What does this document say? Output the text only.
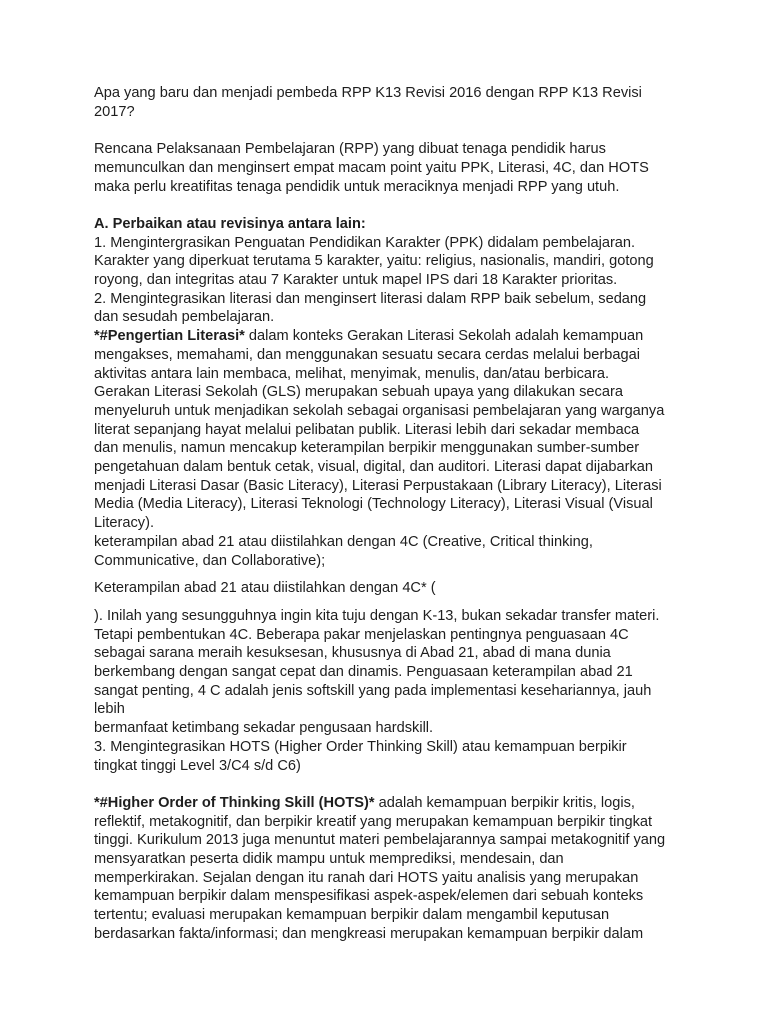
Apa yang baru dan menjadi pembeda RPP K13 Revisi 2016 dengan RPP K13 Revisi
2017?

Rencana Pelaksanaan Pembelajaran (RPP) yang dibuat tenaga pendidik harus
memunculkan dan menginsert empat macam point yaitu PPK, Literasi, 4C, dan HOTS
maka perlu kreatifitas tenaga pendidik untuk meraciknya menjadi RPP yang utuh.

A. Perbaikan atau revisinya antara lain:

1. Mengintergrasikan Penguatan Pendidikan Karakter (PPK) didalam pembelajaran.
Karakter yang diperkuat terutama 5 karakter, yaitu: religius, nasionalis, mandiri, gotong
royong, dan integritas atau 7 Karakter untuk mapel IPS dari 18 Karakter prioritas.

2. Mengintegrasikan literasi dan menginsert literasi dalam RPP baik sebelum, sedang
dan sesudah pembelajaran.

*#Pengertian Literasi* dalam konteks Gerakan Literasi Sekolah adalah kemampuan
mengakses, memahami, dan menggunakan sesuatu secara cerdas melalui berbagai
aktivitas antara lain membaca, melihat, menyimak, menulis, dan/atau berbicara.
Gerakan Literasi Sekolah (GLS) merupakan sebuah upaya yang dilakukan secara
menyeluruh untuk menjadikan sekolah sebagai organisasi pembelajaran yang warganya
literat sepanjang hayat melalui pelibatan publik. Literasi lebih dari sekadar membaca
dan menulis, namun mencakup keterampilan berpikir menggunakan sumber-sumber
pengetahuan dalam bentuk cetak, visual, digital, dan auditori. Literasi dapat dijabarkan
menjadi Literasi Dasar (Basic Literacy), Literasi Perpustakaan (Library Literacy), Literasi
Media (Media Literacy), Literasi Teknologi (Technology Literacy), Literasi Visual (Visual
Literacy).
keterampilan abad 21 atau diistilahkan dengan 4C (Creative, Critical thinking,
Communicative, dan Collaborative);

Keterampilan abad 21 atau diistilahkan dengan 4C* (

). Inilah yang sesungguhnya ingin kita tuju dengan K-13, bukan sekadar transfer materi.
Tetapi pembentukan 4C. Beberapa pakar menjelaskan pentingnya penguasaan 4C
sebagai sarana meraih kesuksesan, khususnya di Abad 21, abad di mana dunia
berkembang dengan sangat cepat dan dinamis. Penguasaan keterampilan abad 21
sangat penting, 4 C adalah jenis softskill yang pada implementasi kesehariannya, jauh lebih
bermanfaat ketimbang sekadar pengusaan hardskill.
3. Mengintegrasikan HOTS (Higher Order Thinking Skill) atau kemampuan berpikir
tingkat tinggi Level 3/C4 s/d C6)

*#Higher Order of Thinking Skill (HOTS)* adalah kemampuan berpikir kritis, logis,
reflektif, metakognitif, dan berpikir kreatif yang merupakan kemampuan berpikir tingkat
tinggi. Kurikulum 2013 juga menuntut materi pembelajarannya sampai metakognitif yang
mensyaratkan peserta didik mampu untuk memprediksi, mendesain, dan
memperkirakan. Sejalan dengan itu ranah dari HOTS yaitu analisis yang merupakan
kemampuan berpikir dalam menspesifikasi aspek-aspek/elemen dari sebuah konteks
tertentu; evaluasi merupakan kemampuan berpikir dalam mengambil keputusan
berdasarkan fakta/informasi; dan mengkreasi merupakan kemampuan berpikir dalam
